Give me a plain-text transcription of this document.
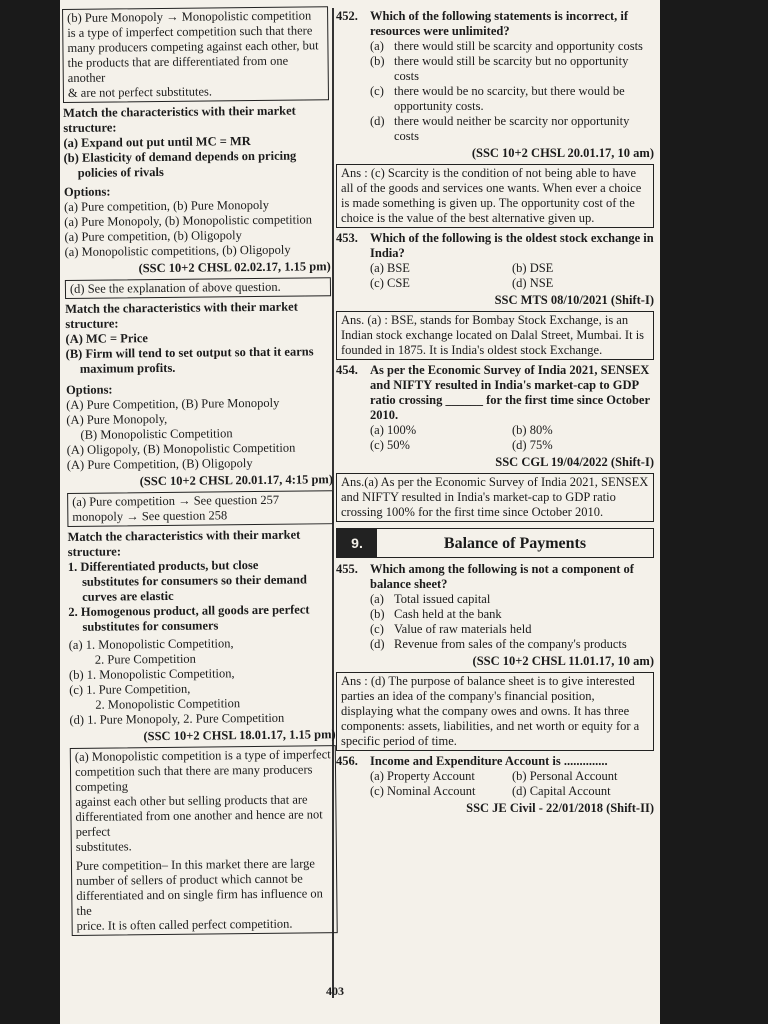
(b) Pure Monopoly → Monopolistic competition
is a type of imperfect competition such that there
many producers competing against each other, but
the products that are differentiated from one another
& are not perfect substitutes.
Match the characteristics with their market
structure:
(a) Expand out put until MC = MR
(b) Elasticity of demand depends on pricing
policies of rivals
Options:
(a) Pure competition, (b) Pure Monopoly
(a) Pure Monopoly, (b) Monopolistic competition
(a) Pure competition, (b) Oligopoly
(a) Monopolistic competitions, (b) Oligopoly
(SSC 10+2 CHSL 02.02.17, 1.15 pm)
(d) See the explanation of above question.
Match the characteristics with their market
structure:
(A) MC = Price
(B) Firm will tend to set output so that it earns
maximum profits.
Options:
(A) Pure Competition, (B) Pure Monopoly
(A) Pure Monopoly,
(B) Monopolistic Competition
(A) Oligopoly, (B) Monopolistic Competition
(A) Pure Competition, (B) Oligopoly
(SSC 10+2 CHSL 20.01.17, 4:15 pm)
(a) Pure competition → See question 257
monopoly → See question 258
Match the characteristics with their market
structure:
1. Differentiated products, but close
substitutes for consumers so their demand
curves are elastic
2. Homogenous product, all goods are perfect
substitutes for consumers
(a) 1. Monopolistic Competition,
2. Pure Competition
(b) 1. Monopolistic Competition,
(c) 1. Pure Competition,
2. Monopolistic Competition
(d) 1. Pure Monopoly, 2. Pure Competition
(SSC 10+2 CHSL 18.01.17, 1.15 pm)
(a) Monopolistic competition is a type of imperfect
competition such that there are many producers competing
against each other but selling products that are
differentiated from one another and hence are not perfect
substitutes.
Pure competition– In this market there are large
number of sellers of product which cannot be
differentiated and on single firm has influence on the
price. It is often called perfect competition.
452. Which of the following statements is incorrect, if resources were unlimited?
(a) there would still be scarcity and opportunity costs
(b) there would still be scarcity but no opportunity costs
(c) there would be no scarcity, but there would be opportunity costs.
(d) there would neither be scarcity nor opportunity costs
(SSC 10+2 CHSL 20.01.17, 10 am)
Ans : (c) Scarcity is the condition of not being able to have all of the goods and services one wants. When ever a choice is made something is given up. The opportunity cost of the choice is the value of the best alternative given up.
453. Which of the following is the oldest stock exchange in India?
(a) BSE	(b) DSE
(c) CSE	(d) NSE
SSC MTS 08/10/2021 (Shift-I)
Ans. (a) : BSE, stands for Bombay Stock Exchange, is an Indian stock exchange located on Dalal Street, Mumbai. It is founded in 1875. It is India's oldest stock Exchange.
454. As per the Economic Survey of India 2021, SENSEX and NIFTY resulted in India's market-cap to GDP ratio crossing ______ for the first time since October 2010.
(a) 100%	(b) 80%
(c) 50%	(d) 75%
SSC CGL 19/04/2022 (Shift-I)
Ans.(a) As per the Economic Survey of India 2021, SENSEX and NIFTY resulted in India's market-cap to GDP ratio crossing 100% for the first time since October 2010.
9.	Balance of Payments
455. Which among the following is not a component of balance sheet?
(a) Total issued capital
(b) Cash held at the bank
(c) Value of raw materials held
(d) Revenue from sales of the company's products
(SSC 10+2 CHSL 11.01.17, 10 am)
Ans : (d) The purpose of balance sheet is to give interested parties an idea of the company's financial position, displaying what the company owes and owns. It has three components: assets, liabilities, and net worth or equity for a specific period of time.
456. Income and Expenditure Account is ..............
(a) Property Account	(b) Personal Account
(c) Nominal Account	(d) Capital Account
SSC JE Civil - 22/01/2018 (Shift-II)
403
